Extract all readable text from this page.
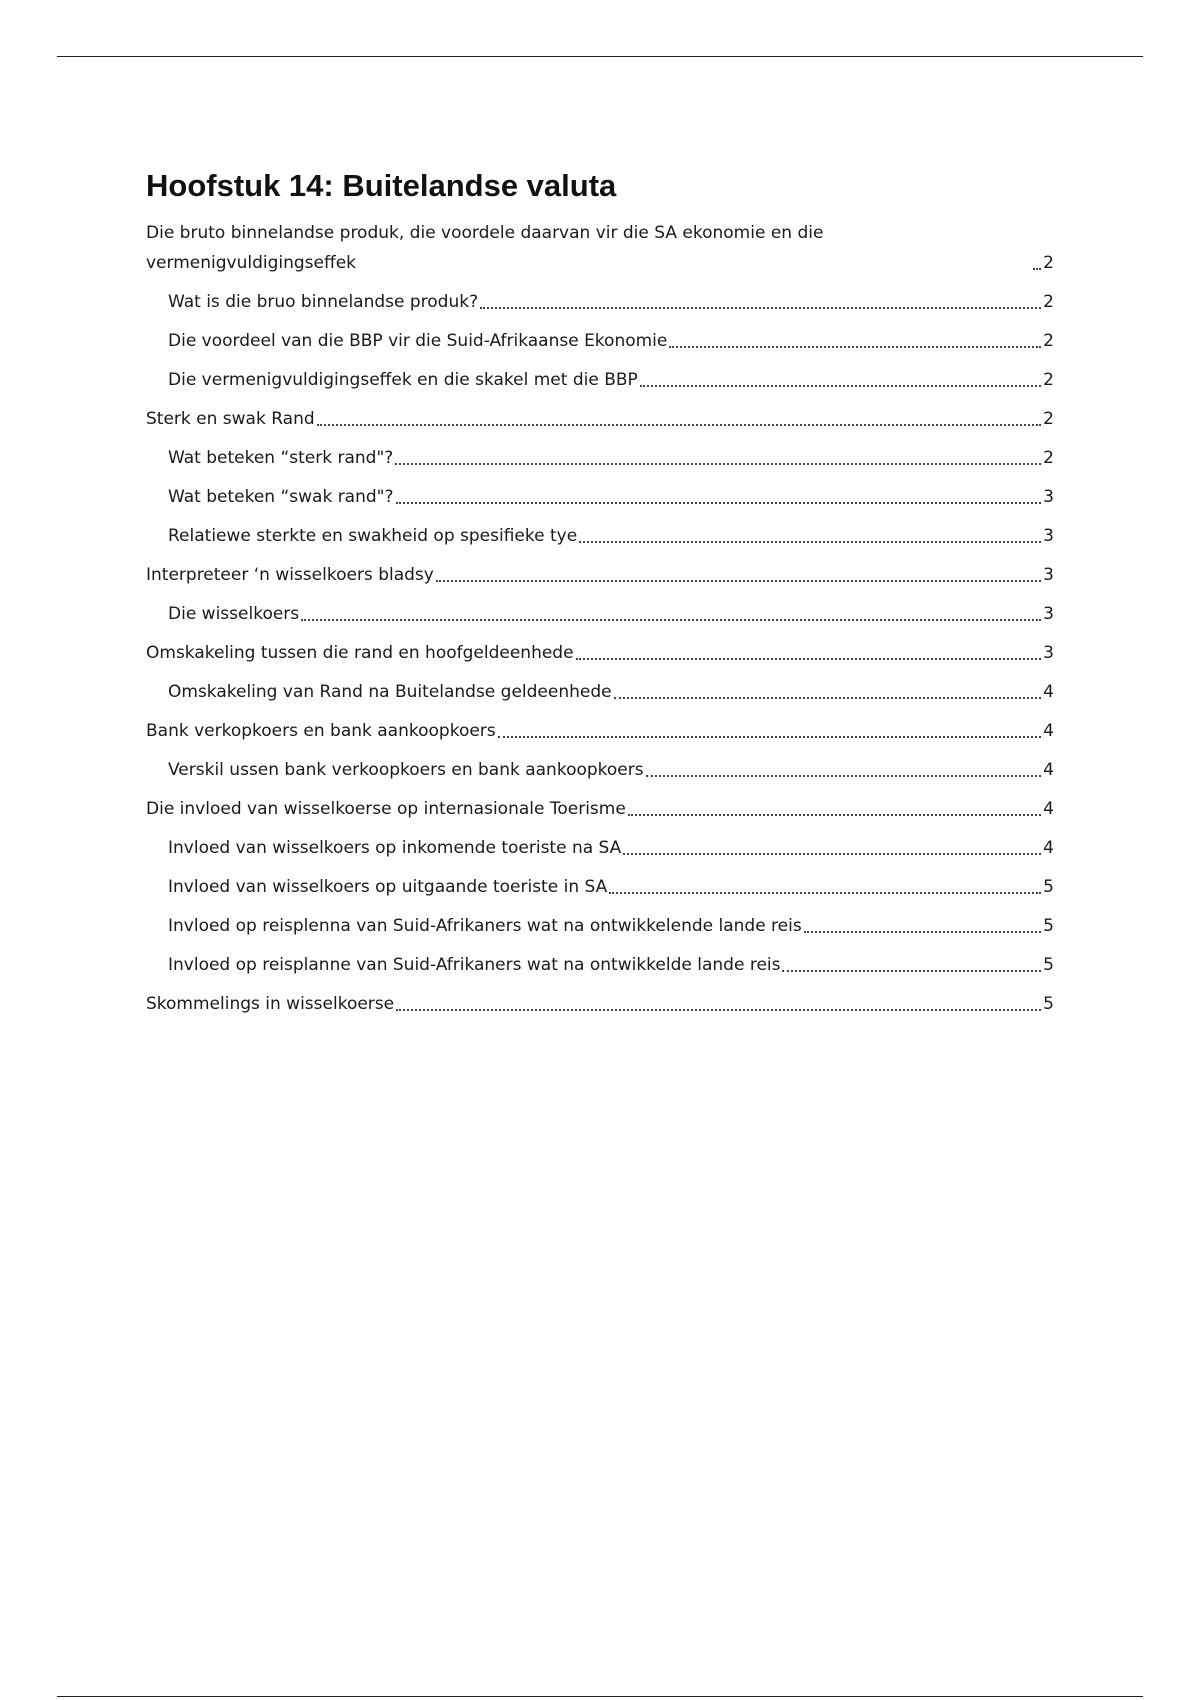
Hoofstuk 14: Buitelandse valuta
Die bruto binnelandse produk, die voordele daarvan vir die SA ekonomie en die vermenigvuldigingseffek	2
Wat is die bruo binnelandse produk?	2
Die voordeel van die BBP vir die Suid-Afrikaanse Ekonomie	2
Die vermenigvuldigingseffek en die skakel met die BBP	2
Sterk en swak Rand	2
Wat beteken “sterk rand"?	2
Wat beteken “swak rand"?	3
Relatiewe sterkte en swakheid op spesifieke tye	3
Interpreteer ‘n wisselkoers bladsy	3
Die wisselkoers	3
Omskakeling tussen die rand en hoofgeldeenhede	3
Omskakeling van Rand na Buitelandse geldeenhede	4
Bank verkopkoers en bank aankoopkoers	4
Verskil ussen bank verkoopkoers en bank aankoopkoers	4
Die invloed van wisselkoerse op internasionale Toerisme	4
Invloed van wisselkoers op inkomende toeriste na SA	4
Invloed van wisselkoers op uitgaande toeriste in SA	5
Invloed op reisplenna van Suid-Afrikaners wat na ontwikkelende lande reis	5
Invloed op reisplanne van Suid-Afrikaners wat na ontwikkelde lande reis	5
Skommelings in wisselkoerse	5
